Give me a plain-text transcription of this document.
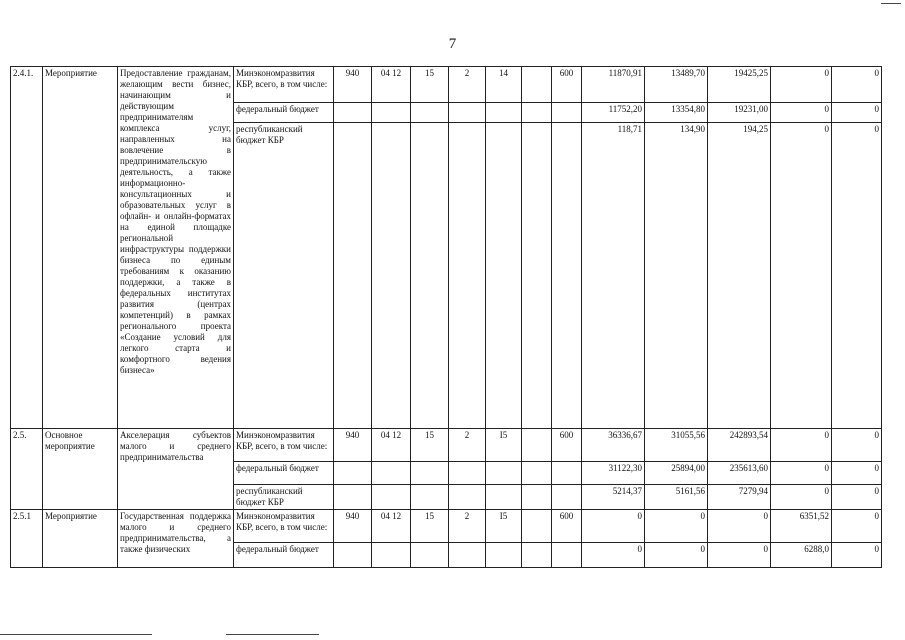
7
2.4.1.	Мероприятие	Предоставление гражданам, желающим вести бизнес, начинающим и действующим предпринимателям комплекса услуг, направленных на вовлечение в предпринимательскую деятельность, а также информационно-консультационных и образовательных услуг в офлайн- и онлайн-форматах на единой площадке региональной инфраструктуры поддержки бизнеса по единым требованиям к оказанию поддержки, а также в федеральных институтах развития (центрах компетенций) в рамках регионального проекта «Создание условий для легкого старта и комфортного ведения бизнеса»	Минэкономразвития КБР, всего, в том числе:	940	04 12	15	2	14		600	11870,91	13489,70	19425,25	0	0
			федеральный бюджет								11752,20	13354,80	19231,00	0	0
			республиканский бюджет КБР								118,71	134,90	194,25	0	0
2.5.	Основное мероприятие	Акселерация субъектов малого и среднего предпринимательства	Минэкономразвития КБР, всего, в том числе:	940	04 12	15	2	I5		600	36336,67	31055,56	242893,54	0	0
			федеральный бюджет								31122,30	25894,00	235613,60	0	0
			республиканский бюджет КБР								5214,37	5161,56	7279,94	0	0
2.5.1	Мероприятие	Государственная поддержка малого и среднего предпринимательства, а также физических	Минэкономразвития КБР, всего, в том числе:	940	04 12	15	2	I5		600	0	0	0	6351,52	0
			федеральный бюджет								0	0	0	6288,0	0
